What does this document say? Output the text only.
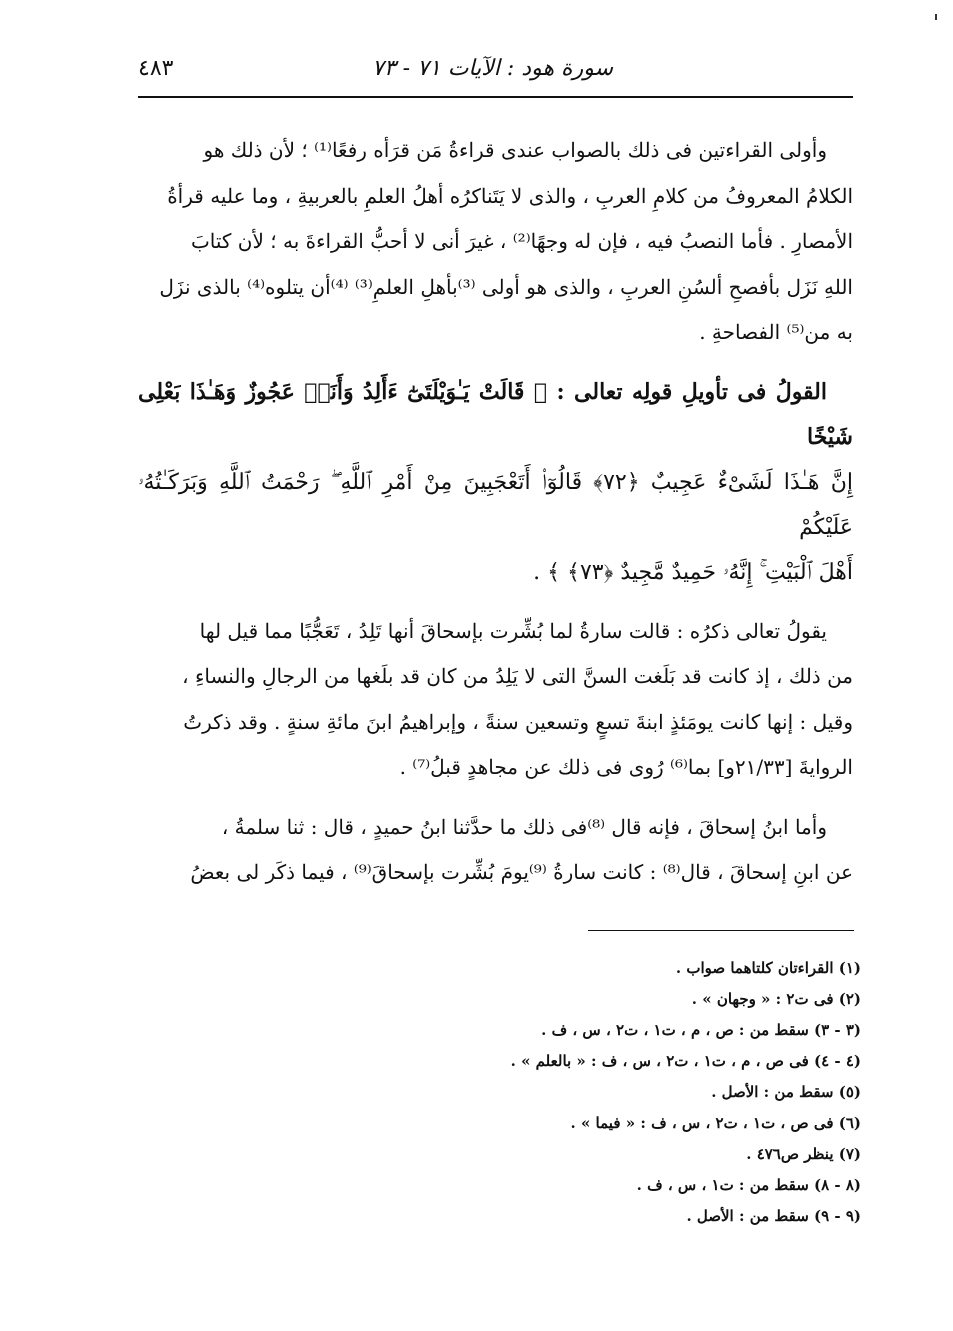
سورة هود : الآيات ٧١ - ٧٣
٤٨٣

وأولى القراءتين فى ذلك بالصواب عندى قراءةُ مَن قرَأه رفعًا⁽¹⁾ ؛ لأن ذلك هو

الكلامُ المعروفُ من كلامِ العربِ ، والذى لا يَتَناكرُه أهلُ العلمِ بالعربيةِ ، وما عليه قرأةُ

الأمصارِ . فأما النصبُ فيه ، فإن له وجهًا⁽²⁾ ، غيرَ أنى لا أحبُّ القراءةَ به ؛ لأن كتابَ

اللهِ نَزَل بأفصحِ ألسُنِ العربِ ، والذى هو أولى ⁽³⁾بأهلِ العلمِ⁽³⁾ ⁽⁴⁾أن يتلوه⁽⁴⁾ بالذى نزَل

به من⁽⁵⁾ الفصاحةِ .

القولُ فى تأويلِ قولِه تعالى : ﴿ قَالَتْ يَـٰوَيْلَتَىٰٓ ءَأَلِدُ وَأَنَا۠ عَجُوزٌ وَهَـٰذَا بَعْلِى شَيْخًا

إِنَّ هَـٰذَا لَشَىْءٌ عَجِيبٌ ﴿٧٢﴾ قَالُوٓا۟ أَتَعْجَبِينَ مِنْ أَمْرِ ٱللَّهِ ۖ رَحْمَتُ ٱللَّهِ وَبَرَكَـٰتُهُۥ عَلَيْكُمْ

أَهْلَ ٱلْبَيْتِ ۚ إِنَّهُۥ حَمِيدٌ مَّجِيدٌ ﴿٧٣﴾ ﴾ .

يقولُ تعالى ذكرُه : قالت سارةُ لما بُشِّرت بإسحاقَ أنها تَلِدُ ، تَعَجُّبًا مما قيل لها

من ذلك ، إذ كانت قد بَلَغت السنَّ التى لا يَلِدُ من كان قد بلَغها من الرجالِ والنساءِ ،

وقيل : إنها كانت يومَئذٍ ابنةَ تسعٍ وتسعين سنةً ، وإبراهيمُ ابنَ مائةِ سنةٍ . وقد ذكرتُ

الروايةَ [٢١/٣٣و] بما⁽⁶⁾ رُوى فى ذلك عن مجاهدٍ قبلُ⁽⁷⁾ .

وأما ابنُ إسحاقَ ، فإنه قال ⁽⁸⁾فى ذلك ما حدَّثنا ابنُ حميدٍ ، قال : ثنا سلمةُ ،

عن ابنِ إسحاقَ ، قال⁽⁸⁾ : كانت سارةُ ⁽⁹⁾يومَ بُشِّرت بإسحاقَ⁽⁹⁾ ، فيما ذكَر لى بعضُ

(١) القراءتان كلتاهما صواب .
(٢) فى ت٢ : « وجهان » .
(٣ - ٣) سقط من : ص ، م ، ت١ ، ت٢ ، س ، ف .
(٤ - ٤) فى ص ، م ، ت١ ، ت٢ ، س ، ف : « بالعلم » .
(٥) سقط من : الأصل .
(٦) فى ص ، ت١ ، ت٢ ، س ، ف : « فيما » .
(٧) ينظر ص٤٧٦ .
(٨ - ٨) سقط من : ت١ ، س ، ف .
(٩ - ٩) سقط من : الأصل .
